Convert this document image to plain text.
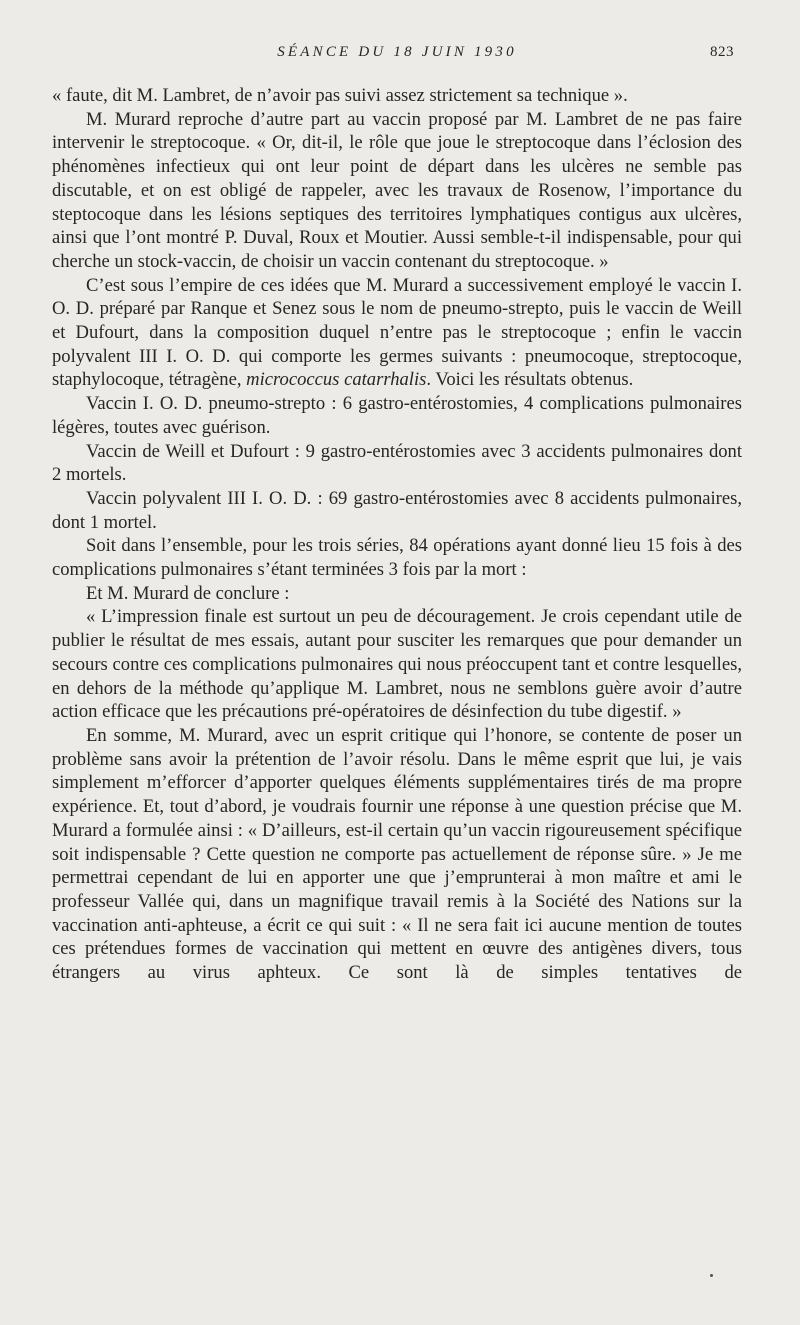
SÉANCE DU 18 JUIN 1930	823

« faute, dit M. Lambret, de n’avoir pas suivi assez strictement sa technique ».

M. Murard reproche d’autre part au vaccin proposé par M. Lambret de ne pas faire intervenir le streptocoque. « Or, dit-il, le rôle que joue le streptocoque dans l’éclosion des phénomènes infectieux qui ont leur point de départ dans les ulcères ne semble pas discutable, et on est obligé de rappeler, avec les travaux de Rosenow, l’importance du steptocoque dans les lésions septiques des territoires lymphatiques contigus aux ulcères, ainsi que l’ont montré P. Duval, Roux et Moutier. Aussi semble-t-il indispensable, pour qui cherche un stock-vaccin, de choisir un vaccin contenant du streptocoque. »

C’est sous l’empire de ces idées que M. Murard a successivement employé le vaccin I. O. D. préparé par Ranque et Senez sous le nom de pneumo-strepto, puis le vaccin de Weill et Dufourt, dans la composition duquel n’entre pas le streptocoque ; enfin le vaccin polyvalent III I. O. D. qui comporte les germes suivants : pneumocoque, streptocoque, staphylocoque, tétragène, micrococcus catarrhalis. Voici les résultats obtenus.

Vaccin I. O. D. pneumo-strepto : 6 gastro-entérostomies, 4 complications pulmonaires légères, toutes avec guérison.

Vaccin de Weill et Dufourt : 9 gastro-entérostomies avec 3 accidents pulmonaires dont 2 mortels.

Vaccin polyvalent III I. O. D. : 69 gastro-entérostomies avec 8 accidents pulmonaires, dont 1 mortel.

Soit dans l’ensemble, pour les trois séries, 84 opérations ayant donné lieu 15 fois à des complications pulmonaires s’étant terminées 3 fois par la mort :

Et M. Murard de conclure :

« L’impression finale est surtout un peu de découragement. Je crois cependant utile de publier le résultat de mes essais, autant pour susciter les remarques que pour demander un secours contre ces complications pulmonaires qui nous préoccupent tant et contre lesquelles, en dehors de la méthode qu’applique M. Lambret, nous ne semblons guère avoir d’autre action efficace que les précautions pré-opératoires de désinfection du tube digestif. »

En somme, M. Murard, avec un esprit critique qui l’honore, se contente de poser un problème sans avoir la prétention de l’avoir résolu. Dans le même esprit que lui, je vais simplement m’efforcer d’apporter quelques éléments supplémentaires tirés de ma propre expérience. Et, tout d’abord, je voudrais fournir une réponse à une question précise que M. Murard a formulée ainsi : « D’ailleurs, est-il certain qu’un vaccin rigoureusement spécifique soit indispensable ? Cette question ne comporte pas actuellement de réponse sûre. » Je me permettrai cependant de lui en apporter une que j’emprunterai à mon maître et ami le professeur Vallée qui, dans un magnifique travail remis à la Société des Nations sur la vaccination anti-aphteuse, a écrit ce qui suit : « Il ne sera fait ici aucune mention de toutes ces prétendues formes de vaccination qui mettent en œuvre des antigènes divers, tous étrangers au virus aphteux. Ce sont là de simples tentatives de
